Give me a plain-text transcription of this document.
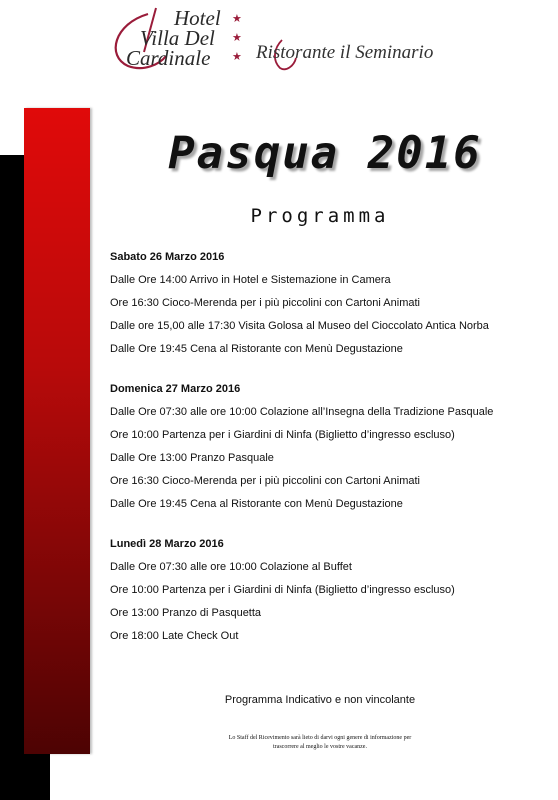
Hotel
Villa Del
Cardinale
★
★
★ Ristorante il Seminario
Pasqua 2016
Programma
Sabato 26 Marzo 2016
Dalle Ore 14:00 Arrivo in Hotel e Sistemazione in Camera
Ore 16:30 Cioco-Merenda per i più piccolini con Cartoni Animati
Dalle ore 15,00 alle 17:30 Visita Golosa al Museo del Cioccolato Antica Norba
Dalle Ore 19:45 Cena al Ristorante con Menù Degustazione
Domenica 27 Marzo 2016
Dalle Ore 07:30 alle ore 10:00 Colazione all’Insegna della Tradizione Pasquale
Ore 10:00 Partenza per i Giardini di Ninfa (Biglietto d’ingresso escluso)
Dalle Ore 13:00 Pranzo Pasquale
Ore 16:30 Cioco-Merenda per i più piccolini con Cartoni Animati
Dalle Ore 19:45 Cena al Ristorante con Menù Degustazione
Lunedì 28 Marzo 2016
Dalle Ore 07:30 alle ore 10:00 Colazione al Buffet
Ore 10:00 Partenza per i Giardini di Ninfa (Biglietto d’ingresso escluso)
Ore 13:00 Pranzo di Pasquetta
Ore 18:00 Late Check Out
Programma Indicativo e non vincolante
Lo Staff del Ricevimento sarà lieto di darvi ogni genere di informazione per
trascorrere al meglio le vostre vacanze.
